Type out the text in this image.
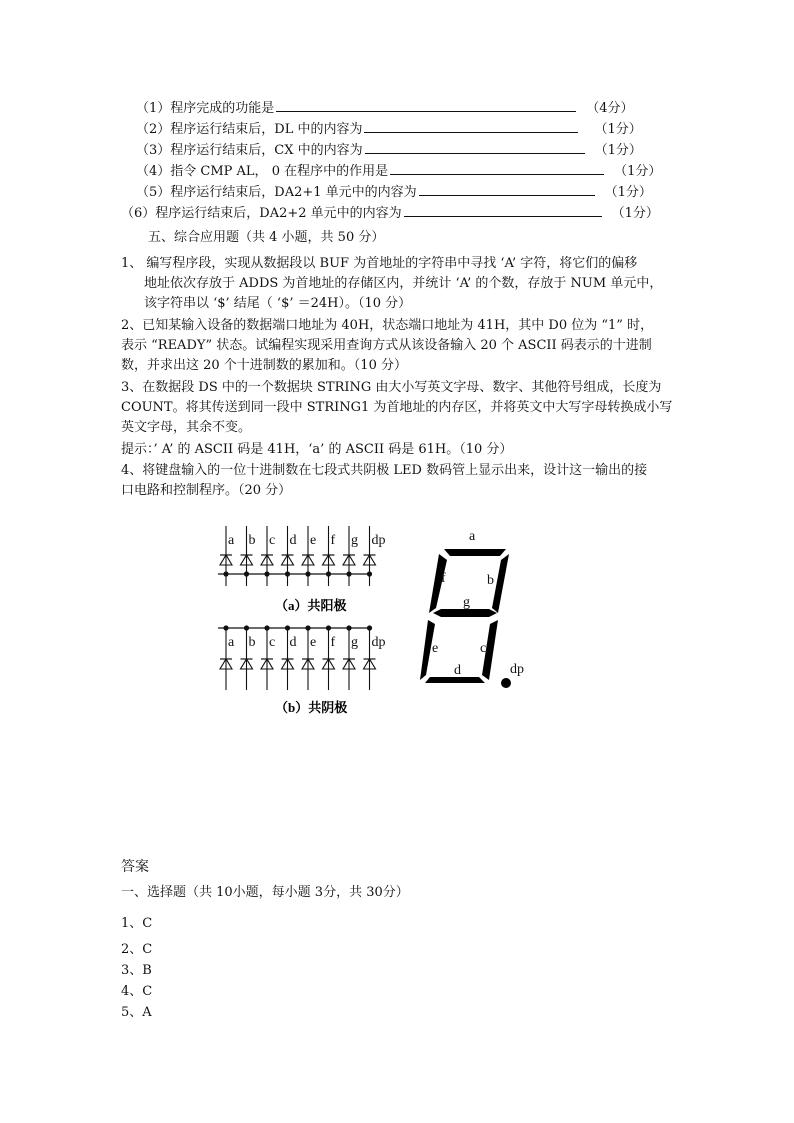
（1）程序完成的功能是	（4分）
（2）程序运行结束后，DL 中的内容为	（1分）
（3）程序运行结束后，CX 中的内容为	（1分）
（4）指令 CMP AL， 0 在程序中的作用是	（1分）
（5）程序运行结束后，DA2+1 单元中的内容为	（1分）
（6）程序运行结束后，DA2+2 单元中的内容为	（1分）
五、综合应用题（共 4 小题，共 50 分）
1、 编写程序段，实现从数据段以 BUF 为首地址的字符串中寻找 ‘A’ 字符，将它们的偏移
地址依次存放于 ADDS 为首地址的存储区内，并统计 ‘A’ 的个数，存放于 NUM 单元中，
该字符串以 ‘$’ 结尾（ ‘$’ ＝24H）。（10 分）
2、已知某输入设备的数据端口地址为 40H，状态端口地址为 41H，其中 D0 位为 “1” 时，
表示 “READY” 状态。试编程实现采用查询方式从该设备输入 20 个 ASCII 码表示的十进制
数，并求出这 20 个十进制数的累加和。（10 分）
3、在数据段 DS 中的一个数据块 STRING 由大小写英文字母、数字、其他符号组成，长度为
COUNT。将其传送到同一段中 STRING1 为首地址的内存区，并将英文中大写字母转换成小写
英文字母，其余不变。
提示：’ A’ 的 ASCII 码是 41H，‘a’ 的 ASCII 码是 61H。（10 分）
4、将键盘输入的一位十进制数在七段式共阴极 LED 数码管上显示出来，设计这一输出的接
口电路和控制程序。（20 分）
a b c d e f g dp
（a）共阳极
a b c d e f g dp
（b）共阴极
a
f	b
g
e	c
d	dp
答案
一、选择题（共 10小题，每小题 3分，共 30分）
1、C
2、C
3、B
4、C
5、A
